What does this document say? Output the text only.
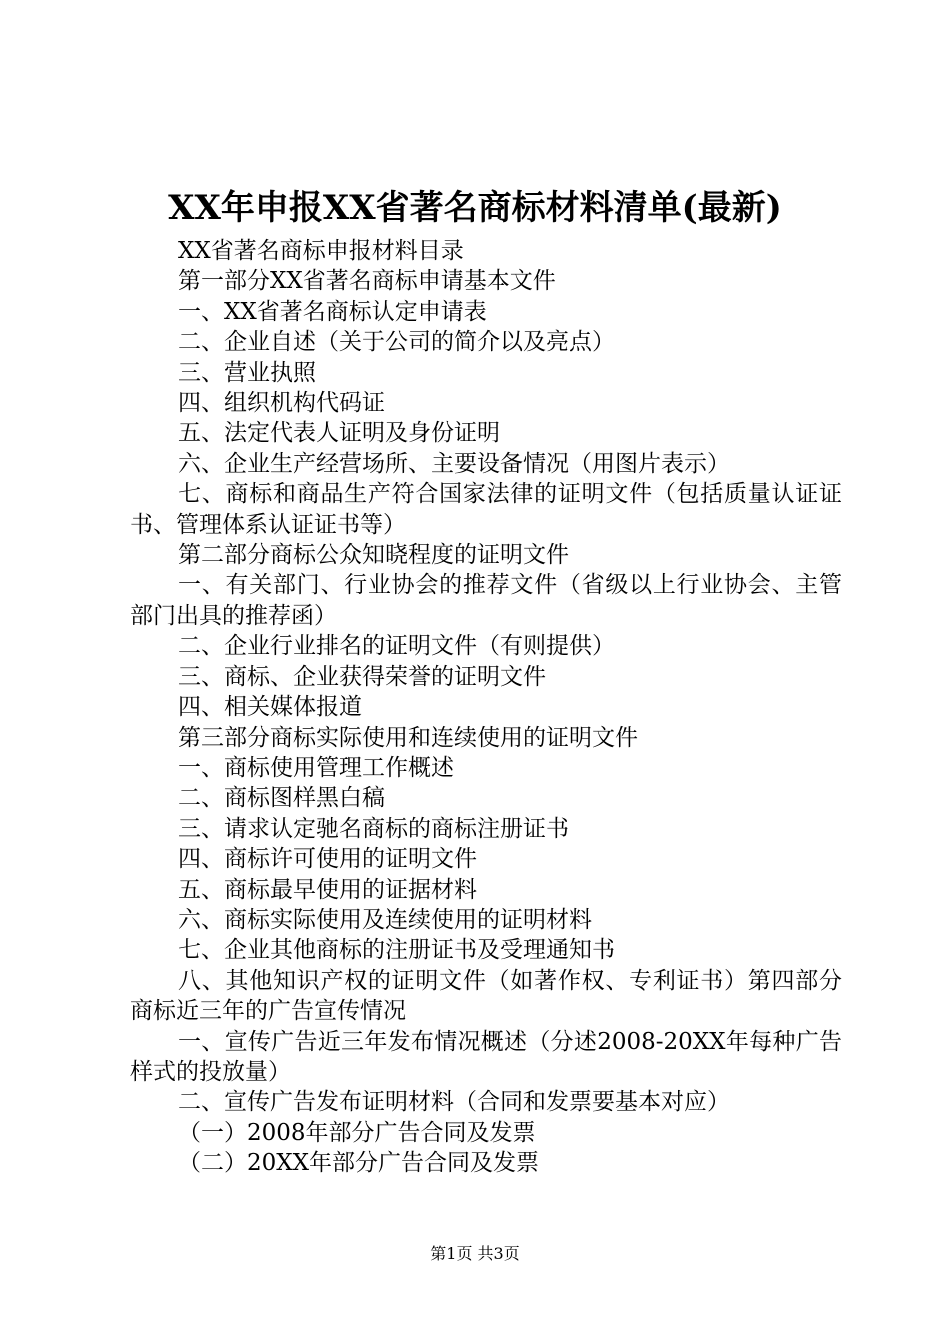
XX年申报XX省著名商标材料清单(最新)

XX省著名商标申报材料目录

第一部分XX省著名商标申请基本文件

一、XX省著名商标认定申请表

二、企业自述（关于公司的简介以及亮点）

三、营业执照

四、组织机构代码证

五、法定代表人证明及身份证明

六、企业生产经营场所、主要设备情况（用图片表示）

七、商标和商品生产符合国家法律的证明文件（包括质量认证证书、管理体系认证证书等）

第二部分商标公众知晓程度的证明文件

一、有关部门、行业协会的推荐文件（省级以上行业协会、主管部门出具的推荐函）

二、企业行业排名的证明文件（有则提供）

三、商标、企业获得荣誉的证明文件

四、相关媒体报道

第三部分商标实际使用和连续使用的证明文件

一、商标使用管理工作概述

二、商标图样黑白稿

三、请求认定驰名商标的商标注册证书

四、商标许可使用的证明文件

五、商标最早使用的证据材料

六、商标实际使用及连续使用的证明材料

七、企业其他商标的注册证书及受理通知书

八、其他知识产权的证明文件（如著作权、专利证书）第四部分商标近三年的广告宣传情况

一、宣传广告近三年发布情况概述（分述2008-20XX年每种广告样式的投放量）

二、宣传广告发布证明材料（合同和发票要基本对应）

（一）2008年部分广告合同及发票

（二）20XX年部分广告合同及发票

第1页 共3页
